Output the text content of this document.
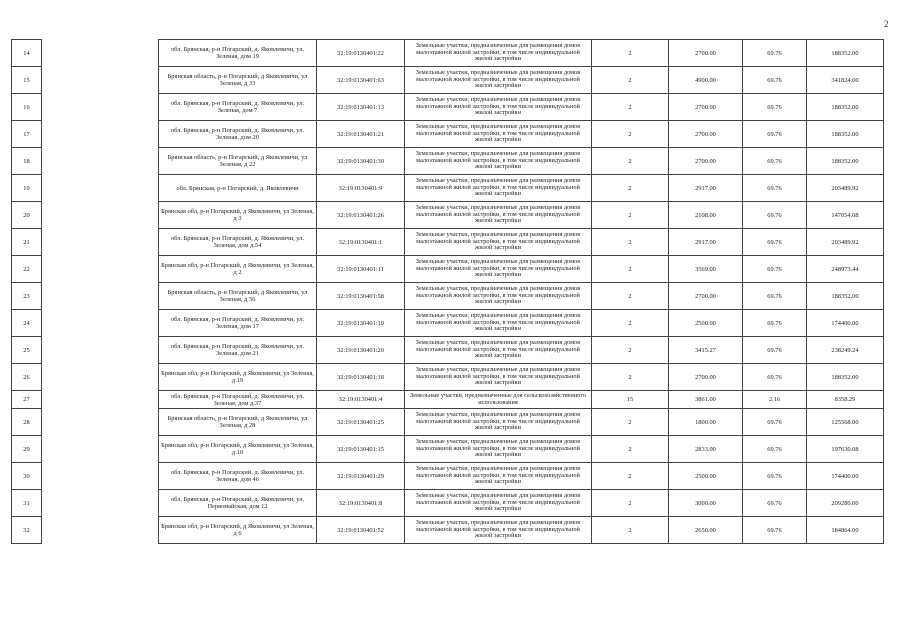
2
14		обл. Брянская, р-н Погарский, д. Яковлевичи, ул. Зеленая, дом 19	32:19:0130401:22	Земельные участки, предназначенные для размещения домов малоэтажной жилой застройки, в том числе индивидуальной жилой застройки	2	2700.00	69.76	188352.00
15		Брянская область, р-н Погарский, д Яковлевичи, ул Зеленая, д 33	32:19:0130401:63	Земельные участки, предназначенные для размещения домов малоэтажной жилой застройки, в том числе индивидуальной жилой застройки	2	4900.00	69.76	341824.00
16		обл. Брянская, р-н Погарский, д. Яковлевичи, ул. Зеленая, дом 7	32:19:0130401:13	Земельные участки, предназначенные для размещения домов малоэтажной жилой застройки, в том числе индивидуальной жилой застройки	2	2700.00	69.76	188352.00
17		обл. Брянская, р-н Погарский, д. Яковлевичи, ул. Зеленая, дом 20	32:19:0130401:21	Земельные участки, предназначенные для размещения домов малоэтажной жилой застройки, в том числе индивидуальной жилой застройки	2	2700.00	69.76	188352.00
18		Брянская область, р-н Погарский, д Яковлевичи, ул Зеленая, д 22	32:19:0130401:30	Земельные участки, предназначенные для размещения домов малоэтажной жилой застройки, в том числе индивидуальной жилой застройки	2	2700.00	69.76	188352.00
19		обл. Брянская, р-н Погарский, д. Яковлевичи	32:19:0130401:9	Земельные участки, предназначенные для размещения домов малоэтажной жилой застройки, в том числе индивидуальной жилой застройки	2	2917.00	69.76	203489.92
20		Брянская обл, р-н Погарский, д Яковлевичи, ул Зеленая, д 3	32:19:0130401:26	Земельные участки, предназначенные для размещения домов малоэтажной жилой застройки, в том числе индивидуальной жилой застройки	2	2108.00	69.76	147054.08
21		обл. Брянская, р-н Погарский, д. Яковлевичи, ул. Зеленая, дом д.54	32:19:0130401:1	Земельные участки, предназначенные для размещения домов малоэтажной жилой застройки, в том числе индивидуальной жилой застройки	2	2917.00	69.76	203489.92
22		Брянская обл, р-н Погарский, д Яковлевичи, ул Зеленая, д 2	32:19:0130401:11	Земельные участки, предназначенные для размещения домов малоэтажной жилой застройки, в том числе индивидуальной жилой застройки	2	3569.00	69.76	248973.44
23		Брянская область, р-н Погарский, д Яковлевичи, ул Зеленая, д 56	32:19:0130401:58	Земельные участки, предназначенные для размещения домов малоэтажной жилой застройки, в том числе индивидуальной жилой застройки	2	2700.00	69.76	188352.00
24		обл. Брянская, р-н Погарский, д. Яковлевичи, ул. Зеленая, дом 17	32:19:0130401:19	Земельные участки, предназначенные для размещения домов малоэтажной жилой застройки, в том числе индивидуальной жилой застройки	2	2500.00	69.76	174400.00
25		обл. Брянская, р-н Погарский, д. Яковлевичи, ул. Зеленая, дом 21	32:19:0130401:20	Земельные участки, предназначенные для размещения домов малоэтажной жилой застройки, в том числе индивидуальной жилой застройки	2	3415.27	69.76	238249.24
26		Брянская обл, р-н Погарский, д Яковлевичи, ул Зеленая, д 19	32:19:0130401:18	Земельные участки, предназначенные для размещения домов малоэтажной жилой застройки, в том числе индивидуальной жилой застройки	2	2700.00	69.76	188352.00
27		обл. Брянская, р-н Погарский, д. Яковлевичи, ул. Зеленая, дом д.37	32:19:0130401:4	Земельные участки, предназначенные для сельскохозяйственного использования	15	3861.00	2.16	8358.29
28		Брянская область, р-н Погарский, д Яковлевичи, ул Зеленая, д 28	32:19:0130401:25	Земельные участки, предназначенные для размещения домов малоэтажной жилой застройки, в том числе индивидуальной жилой застройки	2	1800.00	69.76	125568.00
29		Брянская обл, р-н Погарский, д Яковлевичи, ул Зеленая, д 10	32:19:0130401:15	Земельные участки, предназначенные для размещения домов малоэтажной жилой застройки, в том числе индивидуальной жилой застройки	2	2833.00	69.76	197630.08
30		обл. Брянская, р-н Погарский, д. Яковлевичи, ул. Зеленая, дом 46	32:19:0130401:29	Земельные участки, предназначенные для размещения домов малоэтажной жилой застройки, в том числе индивидуальной жилой застройки	2	2500.00	69.76	174400.00
31		обл. Брянская, р-н Погарский, д. Яковлевичи, ул. Первомайская, дом 12	32:19:0130401:8	Земельные участки, предназначенные для размещения домов малоэтажной жилой застройки, в том числе индивидуальной жилой застройки	2	3000.00	69.76	209280.00
32		Брянская обл, р-н Погарский, д Яковлевичи, ул Зеленая, д 6	32:19:0130401:52	Земельные участки, предназначенные для размещения домов малоэтажной жилой застройки, в том числе индивидуальной жилой застройки	2	2650.00	69.76	184864.00
